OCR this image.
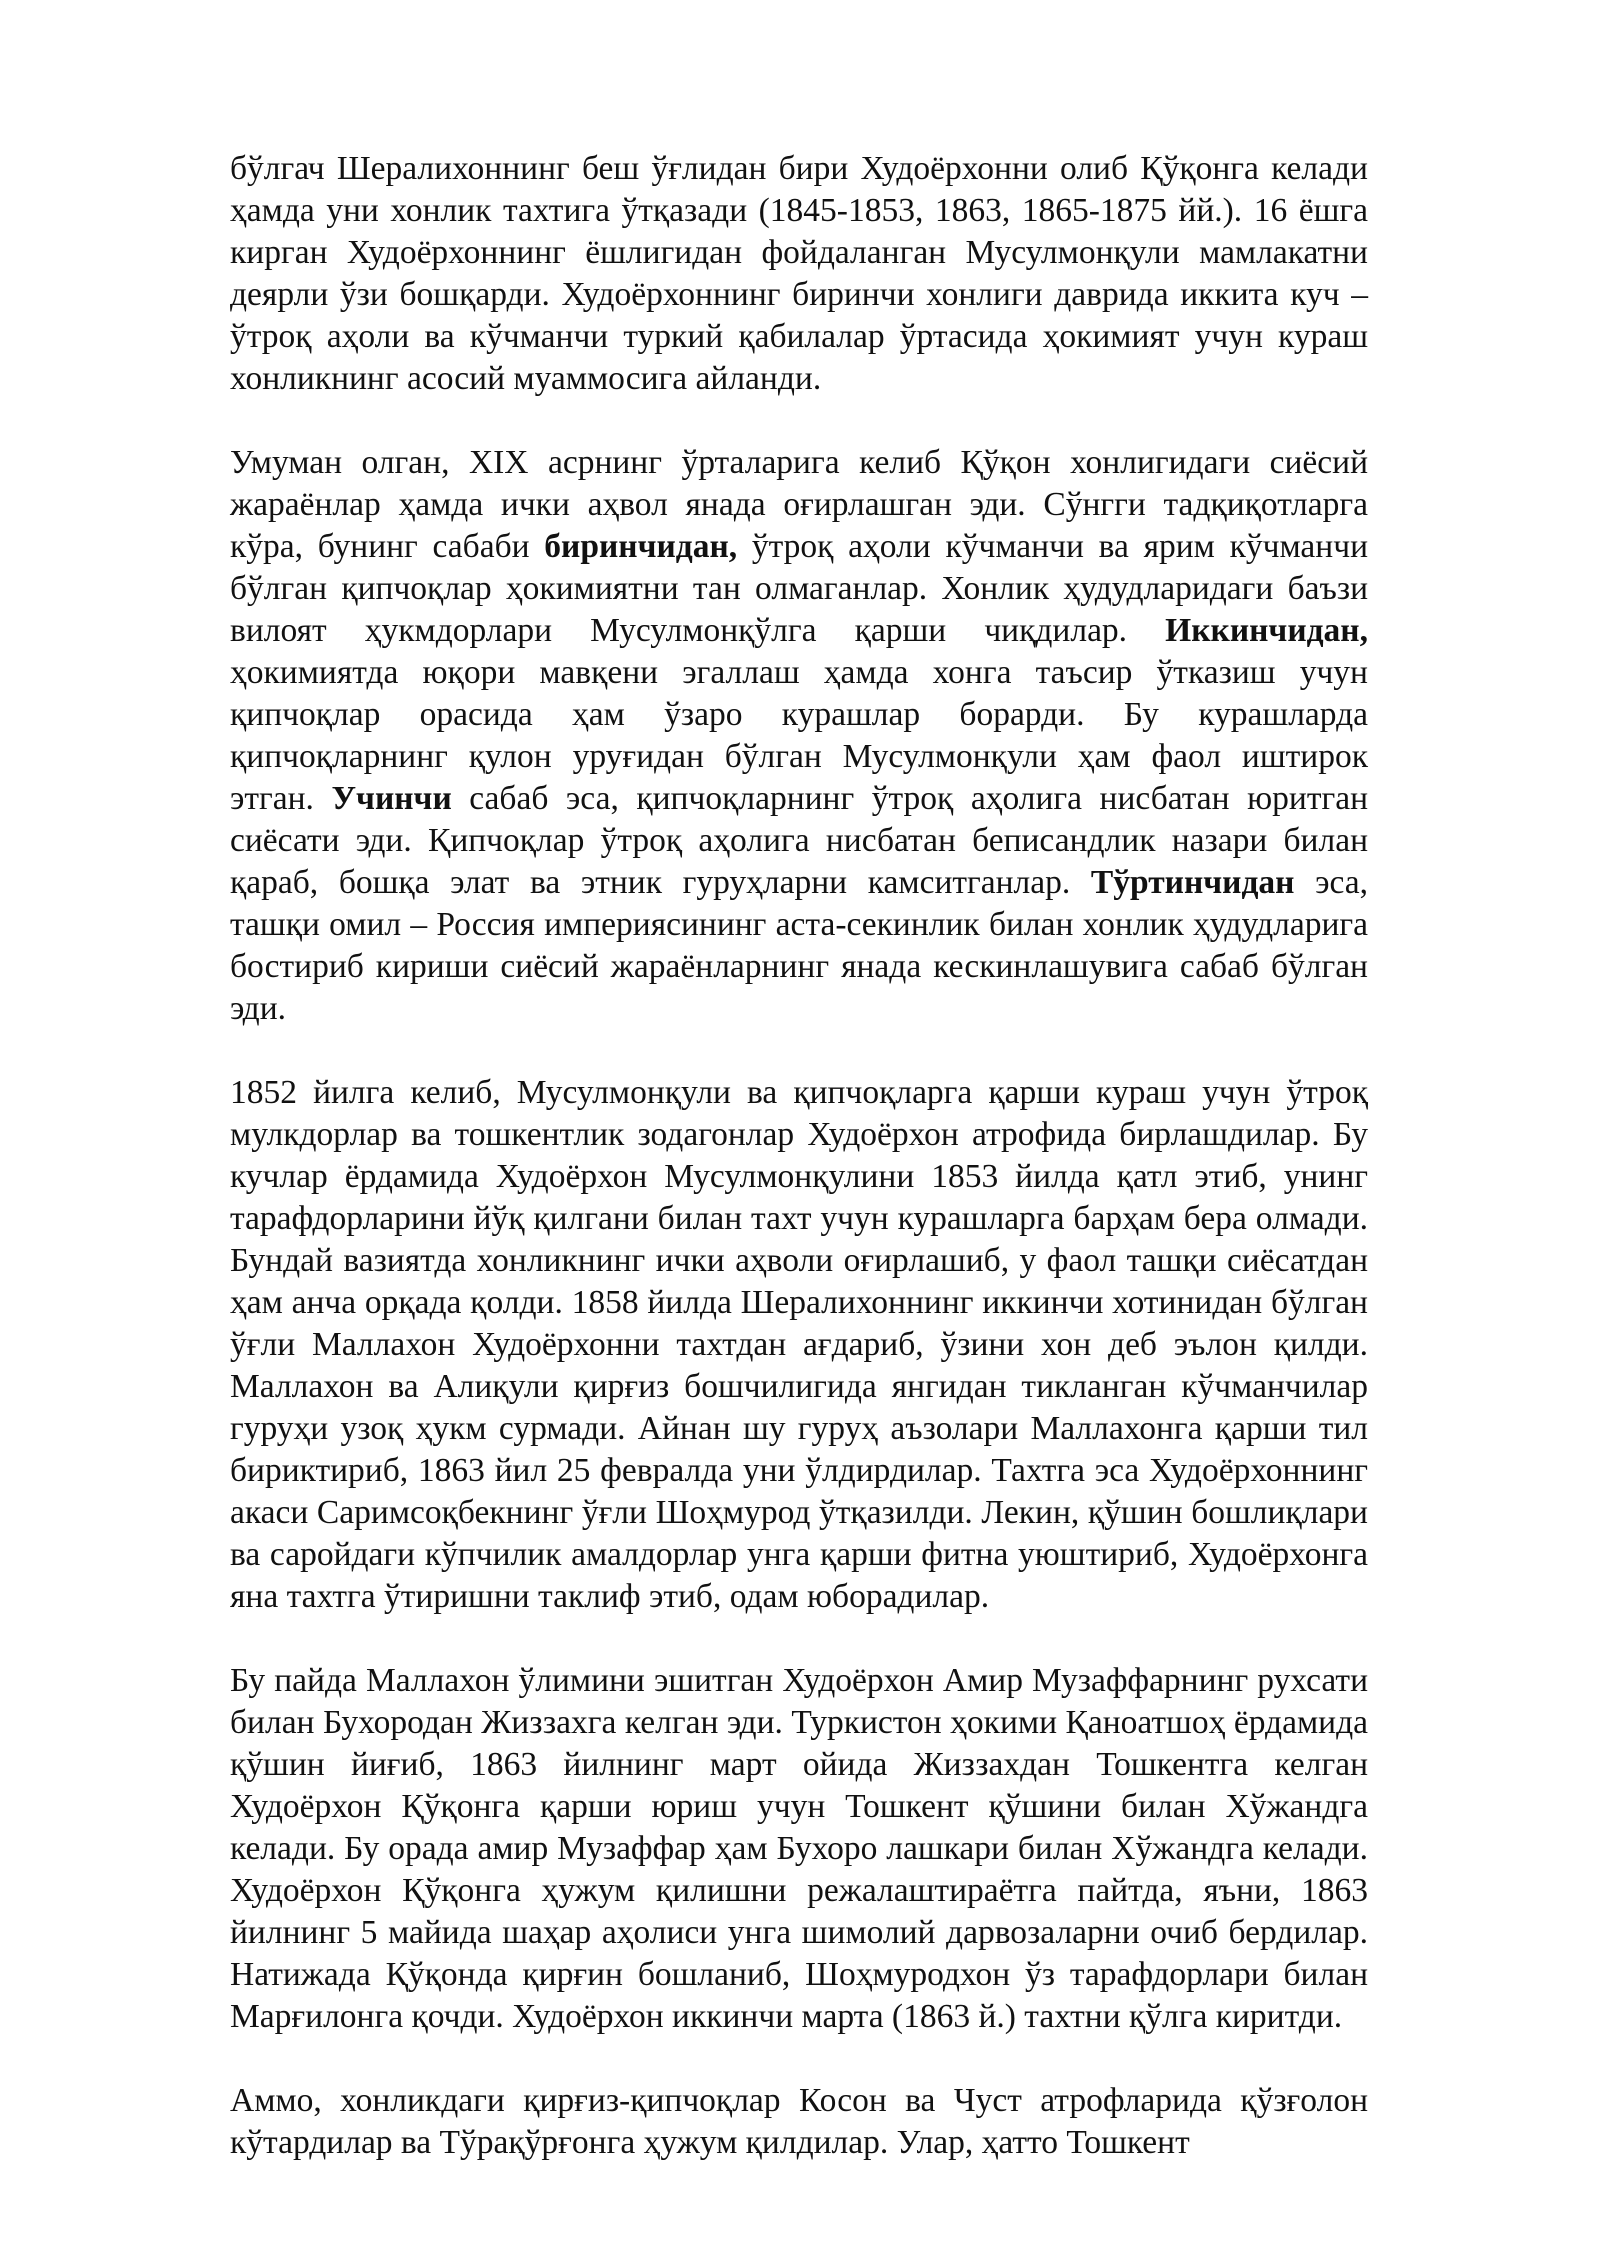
бўлгач Шералихоннинг беш ўғлидан бири Худоёрхонни олиб Қўқонга келади ҳамда уни хонлик тахтига ўтқазади (1845-1853, 1863, 1865-1875 йй.). 16 ёшга кирган Худоёрхоннинг ёшлигидан фойдаланган Мусулмонқули мамлакатни деярли ўзи бошқарди. Худоёрхоннинг биринчи хонлиги даврида иккита куч – ўтроқ аҳоли ва кўчманчи туркий қабилалар ўртасида ҳокимият учун кураш хонликнинг асосий муаммосига айланди.

Умуман олган, XIX асрнинг ўрталарига келиб Қўқон хонлигидаги сиёсий жараёнлар ҳамда ички аҳвол янада оғирлашган эди. Сўнгги тадқиқотларга кўра, бунинг сабаби биринчидан, ўтроқ аҳоли кўчманчи ва ярим кўчманчи бўлган қипчоқлар ҳокимиятни тан олмаганлар. Хонлик ҳудудларидаги баъзи вилоят ҳукмдорлари Мусулмонқўлга қарши чиқдилар. Иккинчидан, ҳокимиятда юқори мавқени эгаллаш ҳамда хонга таъсир ўтказиш учун қипчоқлар орасида ҳам ўзаро курашлар борарди. Бу курашларда қипчоқларнинг қулон уруғидан бўлган Мусулмонқули ҳам фаол иштирок этган. Учинчи сабаб эса, қипчоқларнинг ўтроқ аҳолига нисбатан юритган сиёсати эди. Қипчоқлар ўтроқ аҳолига нисбатан беписандлик назари билан қараб, бошқа элат ва этник гуруҳларни камситганлар. Тўртинчидан эса, ташқи омил – Россия империясининг аста-секинлик билан хонлик ҳудудларига бостириб кириши сиёсий жараёнларнинг янада кескинлашувига сабаб бўлган эди.

1852 йилга келиб, Мусулмонқули ва қипчоқларга қарши кураш учун ўтроқ мулкдорлар ва тошкентлик зодагонлар Худоёрхон атрофида бирлашдилар. Бу кучлар ёрдамида Худоёрхон Мусулмонқулини 1853 йилда қатл этиб, унинг тарафдорларини йўқ қилгани билан тахт учун курашларга барҳам бера олмади. Бундай вазиятда хонликнинг ички аҳволи оғирлашиб, у фаол ташқи сиёсатдан ҳам анча орқада қолди. 1858 йилда Шералихоннинг иккинчи хотинидан бўлган ўғли Маллахон Худоёрхонни тахтдан ағдариб, ўзини хон деб эълон қилди. Маллахон ва Алиқули қирғиз бошчилигида янгидан тикланган кўчманчилар гуруҳи узоқ ҳукм сурмади. Айнан шу гуруҳ аъзолари Маллахонга қарши тил бириктириб, 1863 йил 25 февралда уни ўлдирдилар. Тахтга эса Худоёрхоннинг акаси Саримсоқбекнинг ўғли Шоҳмурод ўтқазилди. Лекин, қўшин бошлиқлари ва саройдаги кўпчилик амалдорлар унга қарши фитна уюштириб, Худоёрхонга яна тахтга ўтиришни таклиф этиб, одам юборадилар.

Бу пайда Маллахон ўлимини эшитган Худоёрхон Амир Музаффарнинг рухсати билан Бухородан Жиззахга келган эди. Туркистон ҳокими Қаноатшоҳ ёрдамида қўшин йиғиб, 1863 йилнинг март ойида Жиззахдан Тошкентга келган Худоёрхон Қўқонга қарши юриш учун Тошкент қўшини билан Хўжандга келади. Бу орада амир Музаффар ҳам Бухоро лашкари билан Хўжандга келади. Худоёрхон Қўқонга ҳужум қилишни режалаштираётга пайтда, яъни, 1863 йилнинг 5 майида шаҳар аҳолиси унга шимолий дарвозаларни очиб бердилар. Натижада Қўқонда қирғин бошланиб, Шоҳмуродхон ўз тарафдорлари билан Марғилонга қочди. Худоёрхон иккинчи марта (1863 й.) тахтни қўлга киритди.

Аммо, хонликдаги қирғиз-қипчоқлар Косон ва Чуст атрофларида қўзғолон кўтардилар ва Тўрақўрғонга ҳужум қилдилар. Улар, ҳатто Тошкент
